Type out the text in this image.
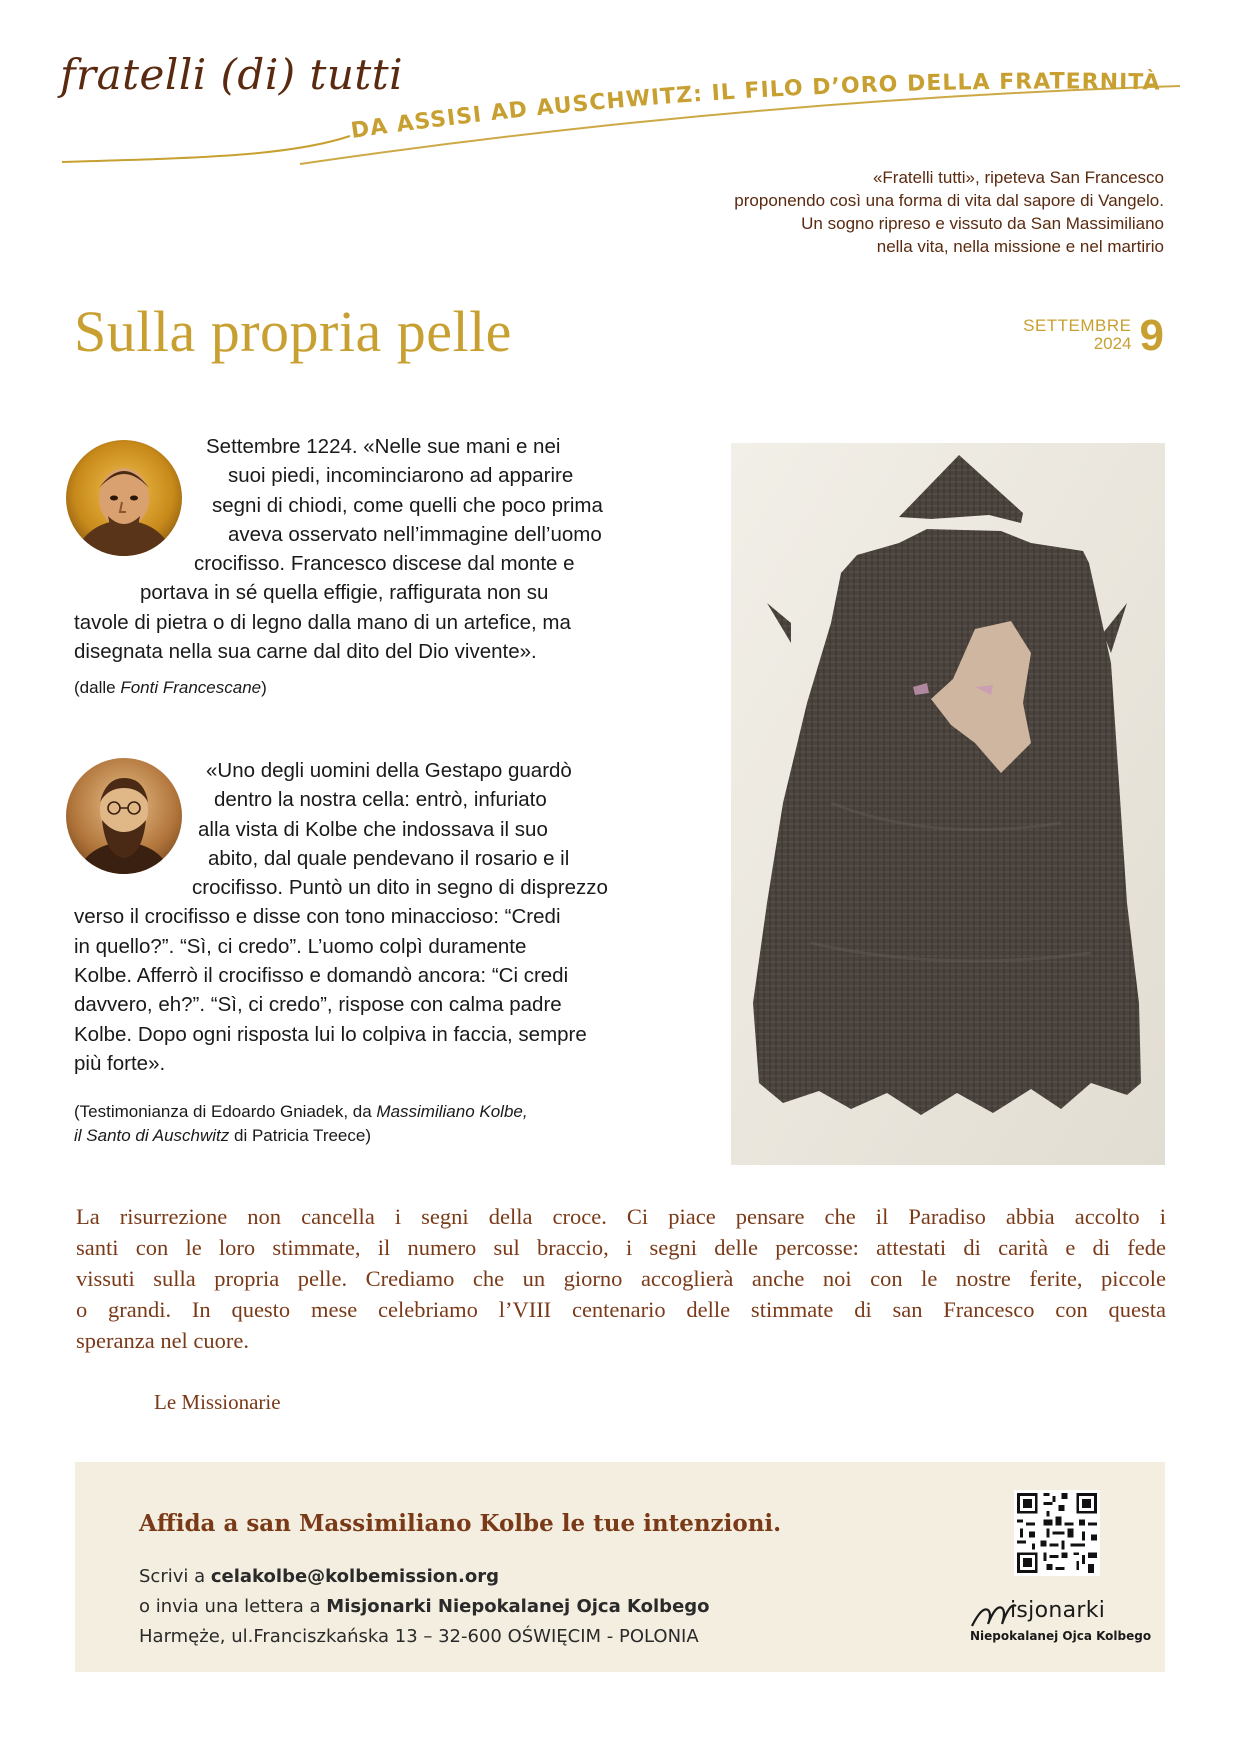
fratelli (di) tutti
DA ASSISI AD AUSCHWITZ: IL FILO D’ORO DELLA FRATERNITÀ
«Fratelli tutti», ripeteva San Francesco
proponendo così una forma di vita dal sapore di Vangelo.
Un sogno ripreso e vissuto da San Massimiliano
nella vita, nella missione e nel martirio
Sulla propria pelle	SETTEMBRE
2024 9
Settembre 1224. «Nelle sue mani e nei
suoi piedi, incominciarono ad apparire
segni di chiodi, come quelli che poco prima
aveva osservato nell’immagine dell’uomo
crocifisso. Francesco discese dal monte e
portava in sé quella effigie, raffigurata non su
tavole di pietra o di legno dalla mano di un artefice, ma
disegnata nella sua carne dal dito del Dio vivente».
(dalle Fonti Francescane)
«Uno degli uomini della Gestapo guardò
dentro la nostra cella: entrò, infuriato
alla vista di Kolbe che indossava il suo
abito, dal quale pendevano il rosario e il
crocifisso. Puntò un dito in segno di disprezzo
verso il crocifisso e disse con tono minaccioso: “Credi
in quello?”. “Sì, ci credo”. L’uomo colpì duramente
Kolbe. Afferrò il crocifisso e domandò ancora: “Ci credi
davvero, eh?”. “Sì, ci credo”, rispose con calma padre
Kolbe. Dopo ogni risposta lui lo colpiva in faccia, sempre
più forte».
(Testimonianza di Edoardo Gniadek, da Massimiliano Kolbe,
il Santo di Auschwitz di Patricia Treece)
La risurrezione non cancella i segni della croce. Ci piace pensare che il Paradiso abbia accolto i
santi con le loro stimmate, il numero sul braccio, i segni delle percosse: attestati di carità e di fede
vissuti sulla propria pelle. Crediamo che un giorno accoglierà anche noi con le nostre ferite, piccole
o grandi. In questo mese celebriamo l’VIII centenario delle stimmate di san Francesco con questa
speranza nel cuore.
Le Missionarie
Affida a san Massimiliano Kolbe le tue intenzioni.
Scrivi a celakolbe@kolbemission.org
o invia una lettera a Misjonarki Niepokalanej Ojca Kolbego
Harmęże, ul.Franciszkańska 13 – 32-600 OŚWIĘCIM - POLONIA
isjonarki
Niepokalanej Ojca Kolbego
